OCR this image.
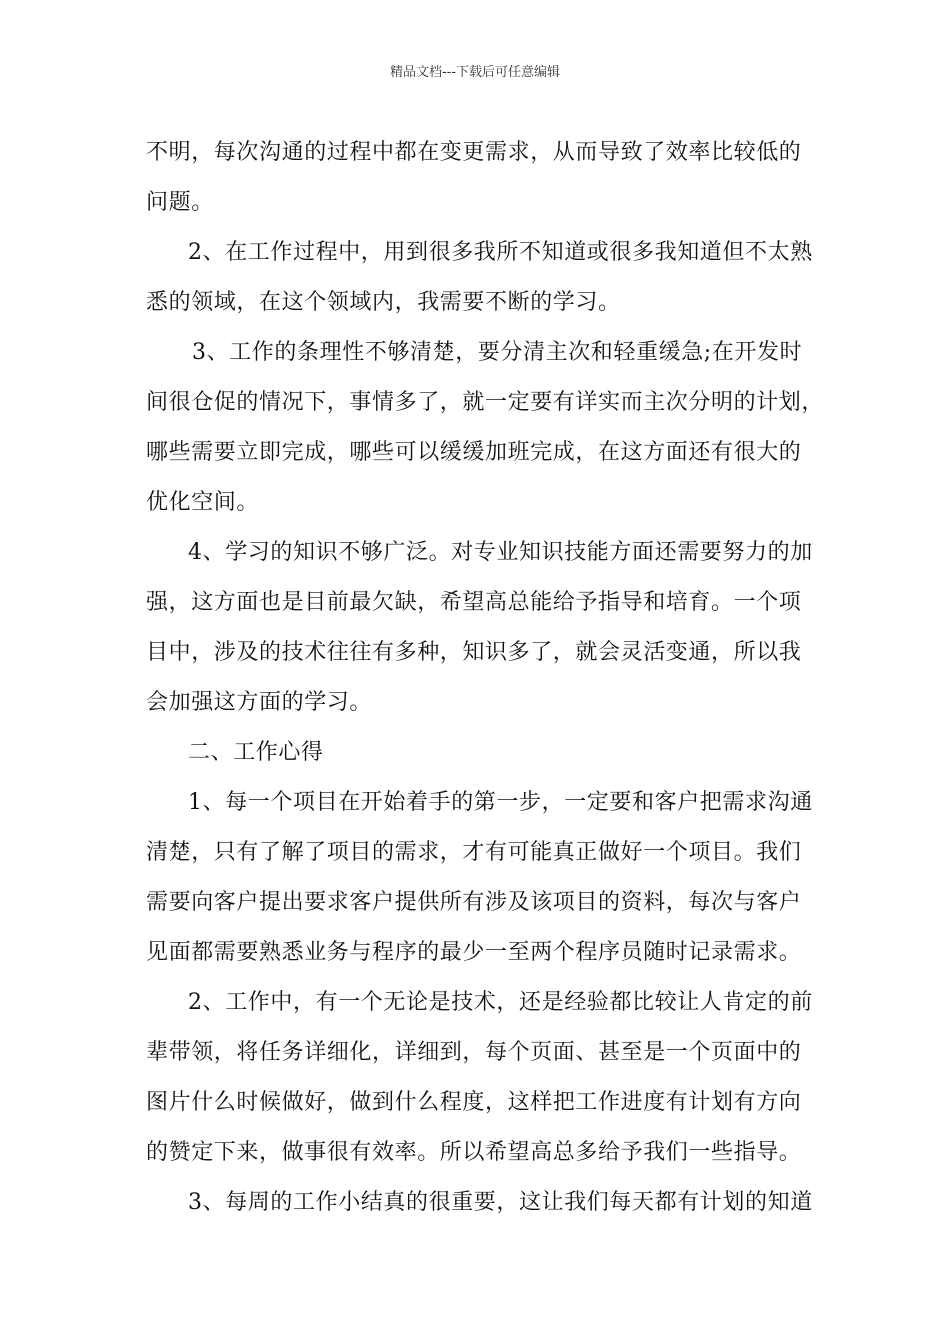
精品文档---下载后可任意编辑
不明，每次沟通的过程中都在变更需求，从而导致了效率比较低的
问题。
2、在工作过程中，用到很多我所不知道或很多我知道但不太熟
悉的领域，在这个领域内，我需要不断的学习。
3、工作的条理性不够清楚，要分清主次和轻重缓急;在开发时
间很仓促的情况下，事情多了，就一定要有详实而主次分明的计划，
哪些需要立即完成，哪些可以缓缓加班完成，在这方面还有很大的
优化空间。
4、学习的知识不够广泛。对专业知识技能方面还需要努力的加
强，这方面也是目前最欠缺，希望高总能给予指导和培育。一个项
目中，涉及的技术往往有多种，知识多了，就会灵活变通，所以我
会加强这方面的学习。
二、工作心得
1、每一个项目在开始着手的第一步，一定要和客户把需求沟通
清楚，只有了解了项目的需求，才有可能真正做好一个项目。我们
需要向客户提出要求客户提供所有涉及该项目的资料，每次与客户
见面都需要熟悉业务与程序的最少一至两个程序员随时记录需求。
2、工作中，有一个无论是技术，还是经验都比较让人肯定的前
辈带领，将任务详细化，详细到，每个页面、甚至是一个页面中的
图片什么时候做好，做到什么程度，这样把工作进度有计划有方向
的赞定下来，做事很有效率。所以希望高总多给予我们一些指导。
3、每周的工作小结真的很重要，这让我们每天都有计划的知道
